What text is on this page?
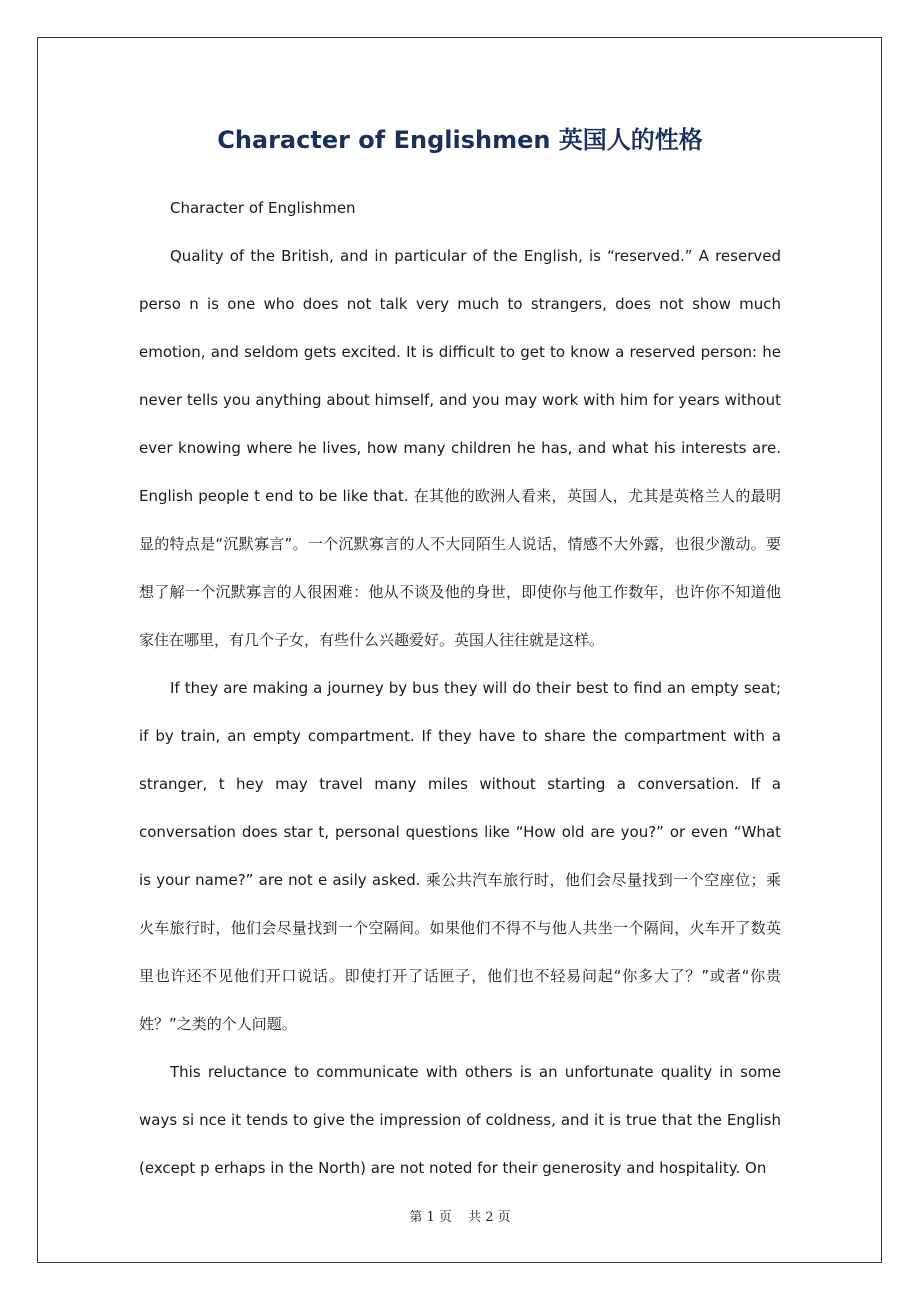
Character of Englishmen 英国人的性格

Character of Englishmen

Quality of the British, and in particular of the English, is “reserved.” A reserved perso n is one who does not talk very much to strangers, does not show much emotion, and seldom gets excited. It is difficult to get to know a reserved person: he never tells you anything about himself, and you may work with him for years without ever knowing where he lives, how many children he has, and what his interests are. English people t end to be like that. 在其他的欧洲人看来，英国人，尤其是英格兰人的最明显的特点是“沉默寡言”。一个沉默寡言的人不大同陌生人说话，情感不大外露，也很少激动。要想了解一个沉默寡言的人很困难：他从不谈及他的身世，即使你与他工作数年，也许你不知道他家住在哪里，有几个子女，有些什么兴趣爱好。英国人往往就是这样。

If they are making a journey by bus they will do their best to find an empty seat; if by train, an empty compartment. If they have to share the compartment with a stranger, t hey may travel many miles without starting a conversation. If a conversation does star t, personal questions like “How old are you?” or even “What is your name?” are not e asily asked. 乘公共汽车旅行时，他们会尽量找到一个空座位；乘火车旅行时，他们会尽量找到一个空隔间。如果他们不得不与他人共坐一个隔间，火车开了数英里也许还不见他们开口说话。即使打开了话匣子，他们也不轻易问起“你多大了？”或者“你贵姓？”之类的个人问题。

This reluctance to communicate with others is an unfortunate quality in some ways si nce it tends to give the impression of coldness, and it is true that the English (except p erhaps in the North) are not noted for their generosity and hospitality. On

第 1 页 共 2 页
